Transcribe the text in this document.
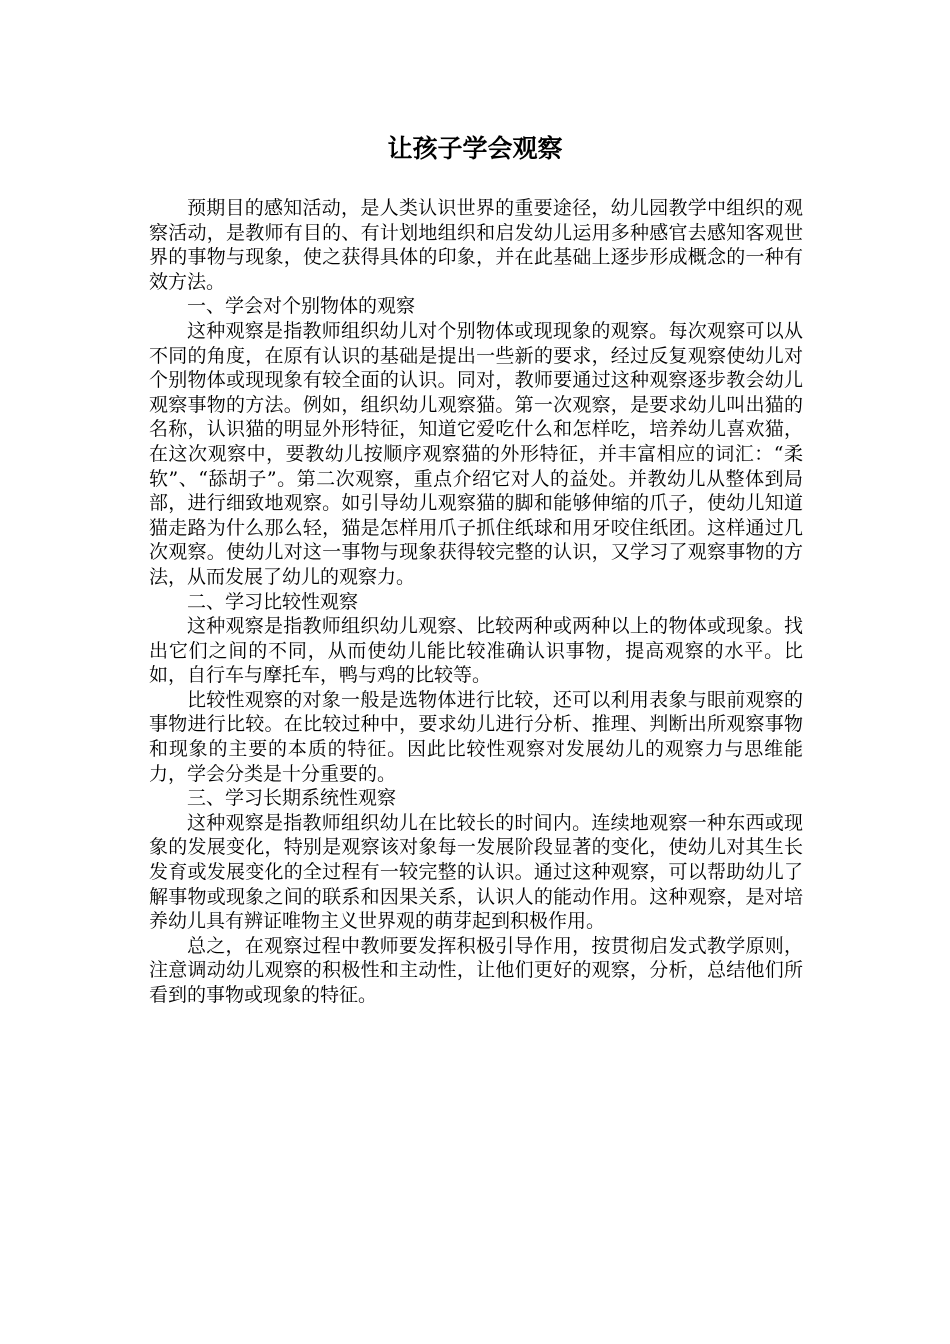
让孩子学会观察

预期目的感知活动，是人类认识世界的重要途径，幼儿园教学中组织的观察活动，是教师有目的、有计划地组织和启发幼儿运用多种感官去感知客观世界的事物与现象，使之获得具体的印象，并在此基础上逐步形成概念的一种有效方法。

一、学会对个别物体的观察

这种观察是指教师组织幼儿对个别物体或现现象的观察。每次观察可以从不同的角度，在原有认识的基础是提出一些新的要求，经过反复观察使幼儿对个别物体或现现象有较全面的认识。同对，教师要通过这种观察逐步教会幼儿观察事物的方法。例如，组织幼儿观察猫。第一次观察，是要求幼儿叫出猫的名称，认识猫的明显外形特征，知道它爱吃什么和怎样吃，培养幼儿喜欢猫，在这次观察中，要教幼儿按顺序观察猫的外形特征，并丰富相应的词汇：“柔软”、“舔胡子”。第二次观察，重点介绍它对人的益处。并教幼儿从整体到局部，进行细致地观察。如引导幼儿观察猫的脚和能够伸缩的爪子，使幼儿知道猫走路为什么那么轻，猫是怎样用爪子抓住纸球和用牙咬住纸团。这样通过几次观察。使幼儿对这一事物与现象获得较完整的认识，又学习了观察事物的方法，从而发展了幼儿的观察力。

二、学习比较性观察

这种观察是指教师组织幼儿观察、比较两种或两种以上的物体或现象。找出它们之间的不同，从而使幼儿能比较准确认识事物，提高观察的水平。比如，自行车与摩托车，鸭与鸡的比较等。

比较性观察的对象一般是选物体进行比较，还可以利用表象与眼前观察的事物进行比较。在比较过种中，要求幼儿进行分析、推理、判断出所观察事物和现象的主要的本质的特征。因此比较性观察对发展幼儿的观察力与思维能力，学会分类是十分重要的。

三、学习长期系统性观察

这种观察是指教师组织幼儿在比较长的时间内。连续地观察一种东西或现象的发展变化，特别是观察该对象每一发展阶段显著的变化，使幼儿对其生长发育或发展变化的全过程有一较完整的认识。通过这种观察，可以帮助幼儿了解事物或现象之间的联系和因果关系，认识人的能动作用。这种观察，是对培养幼儿具有辨证唯物主义世界观的萌芽起到积极作用。

总之，在观察过程中教师要发挥积极引导作用，按贯彻启发式教学原则，注意调动幼儿观察的积极性和主动性，让他们更好的观察，分析，总结他们所看到的事物或现象的特征。
